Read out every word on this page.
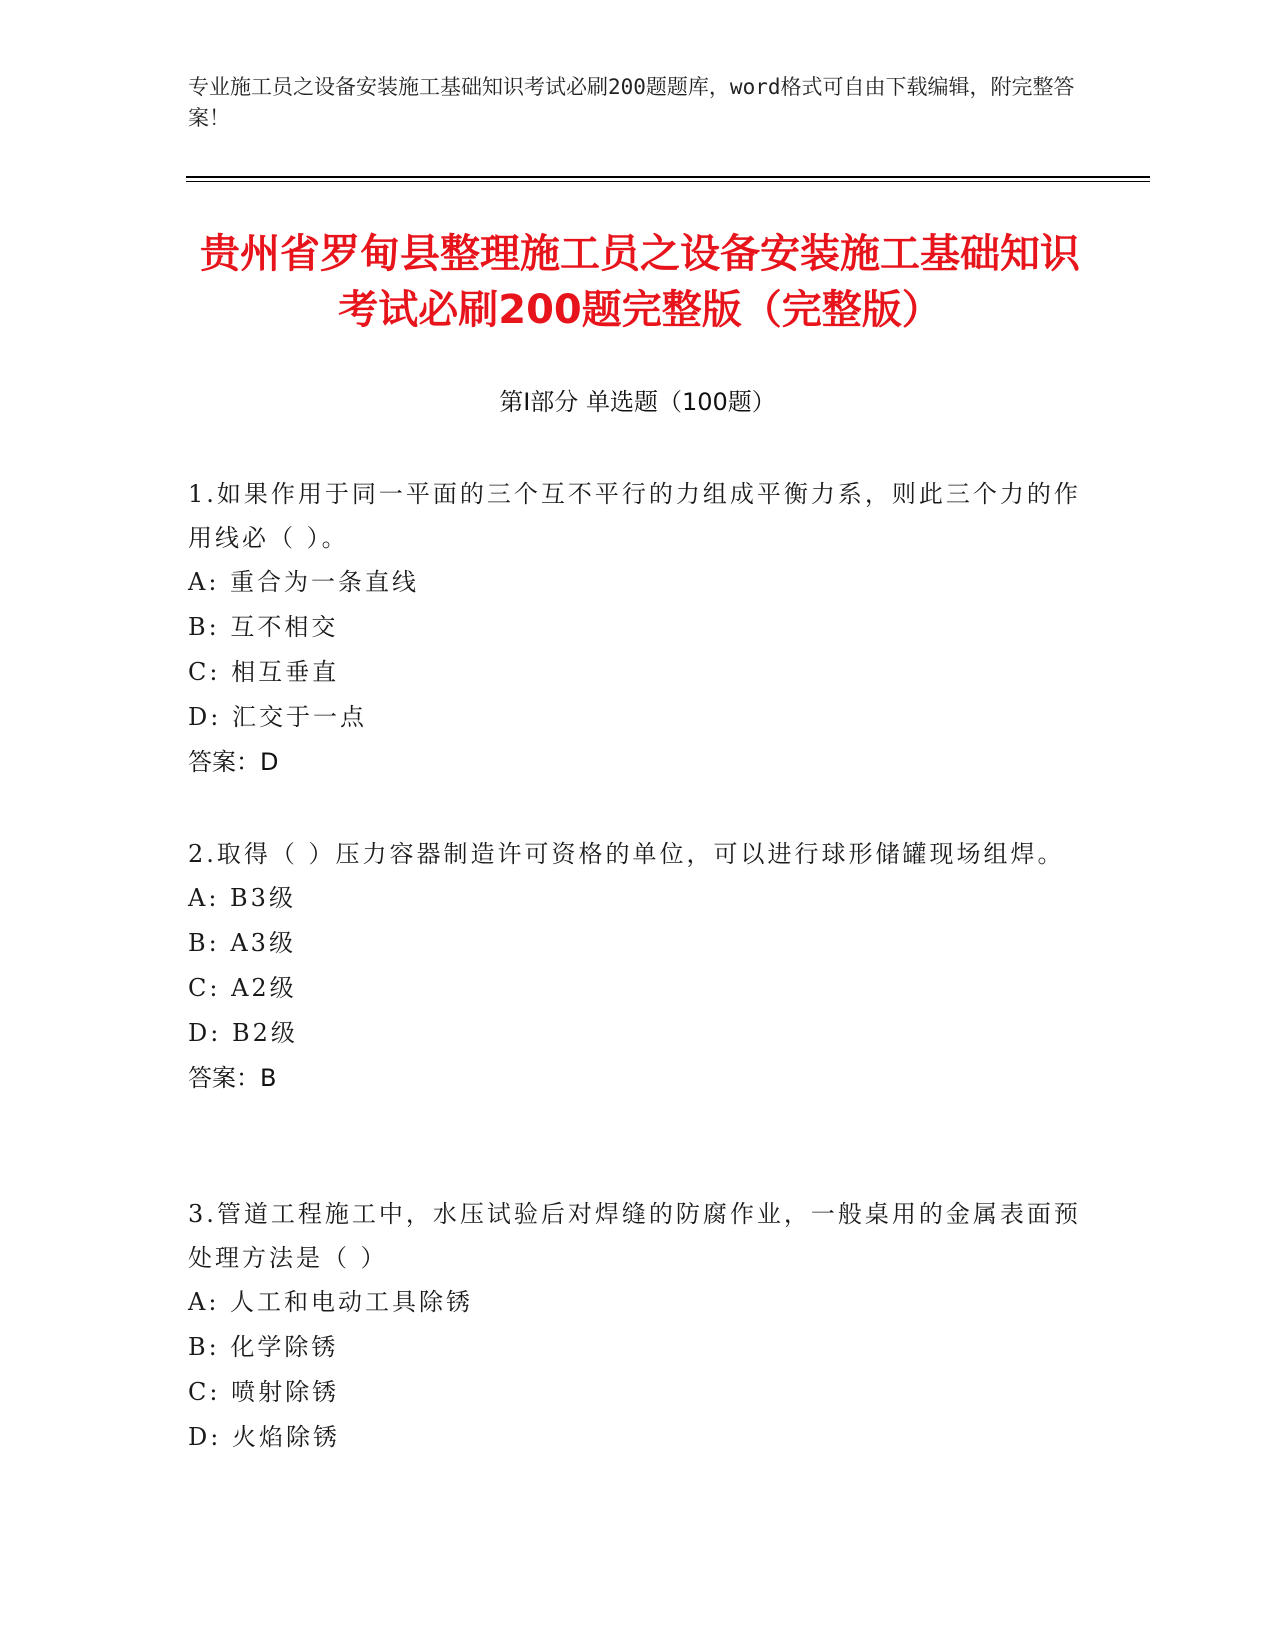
专业施工员之设备安装施工基础知识考试必刷200题题库，word格式可自由下载编辑，附完整答案！
贵州省罗甸县整理施工员之设备安装施工基础知识考试必刷200题完整版（完整版）
第I部分 单选题（100题）
1.如果作用于同一平面的三个互不平行的力组成平衡力系，则此三个力的作用线必（ ）。
A: 重合为一条直线
B: 互不相交
C: 相互垂直
D: 汇交于一点
答案：D
2.取得（ ）压力容器制造许可资格的单位，可以进行球形储罐现场组焊。
A: B3级
B: A3级
C: A2级
D: B2级
答案：B
3.管道工程施工中，水压试验后对焊缝的防腐作业，一般桌用的金属表面预处理方法是（ ）
A: 人工和电动工具除锈
B: 化学除锈
C: 喷射除锈
D: 火焰除锈
